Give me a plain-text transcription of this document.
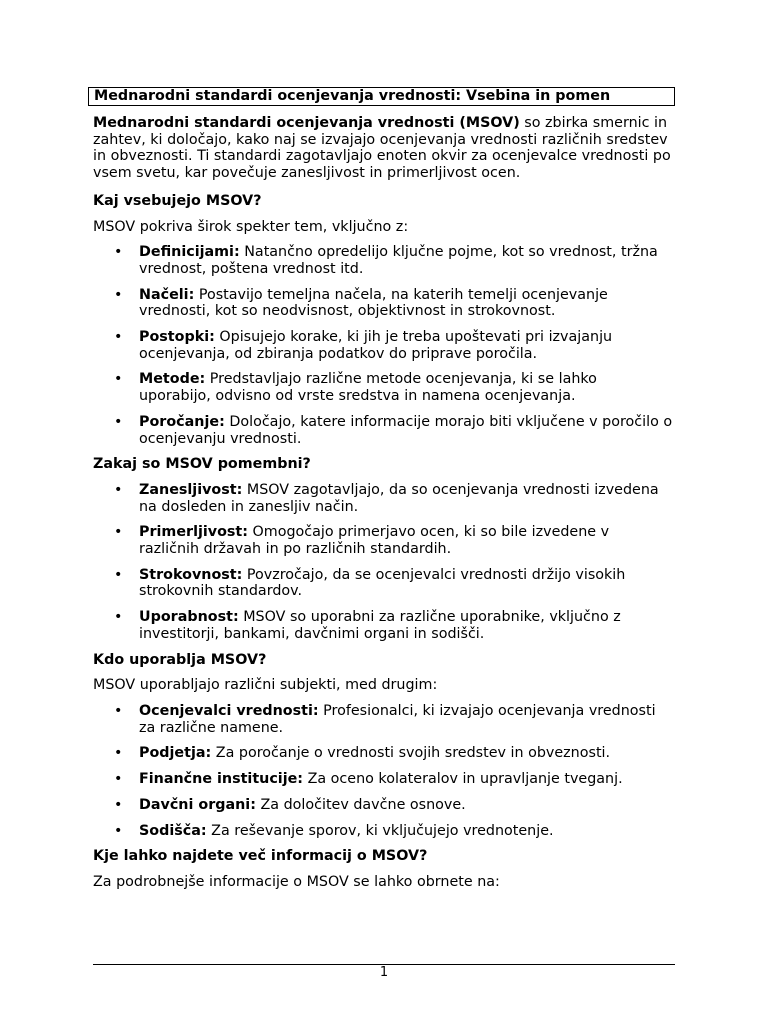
Mednarodni standardi ocenjevanja vrednosti: Vsebina in pomen

Mednarodni standardi ocenjevanja vrednosti (MSOV) so zbirka smernic in zahtev, ki določajo, kako naj se izvajajo ocenjevanja vrednosti različnih sredstev in obveznosti. Ti standardi zagotavljajo enoten okvir za ocenjevalce vrednosti po vsem svetu, kar povečuje zanesljivost in primerljivost ocen.

Kaj vsebujejo MSOV?

MSOV pokriva širok spekter tem, vključno z:

• Definicijami: Natančno opredelijo ključne pojme, kot so vrednost, tržna vrednost, poštena vrednost itd.
• Načeli: Postavijo temeljna načela, na katerih temelji ocenjevanje vrednosti, kot so neodvisnost, objektivnost in strokovnost.
• Postopki: Opisujejo korake, ki jih je treba upoštevati pri izvajanju ocenjevanja, od zbiranja podatkov do priprave poročila.
• Metode: Predstavljajo različne metode ocenjevanja, ki se lahko uporabijo, odvisno od vrste sredstva in namena ocenjevanja.
• Poročanje: Določajo, katere informacije morajo biti vključene v poročilo o ocenjevanju vrednosti.

Zakaj so MSOV pomembni?

• Zanesljivost: MSOV zagotavljajo, da so ocenjevanja vrednosti izvedena na dosleden in zanesljiv način.
• Primerljivost: Omogočajo primerjavo ocen, ki so bile izvedene v različnih državah in po različnih standardih.
• Strokovnost: Povzročajo, da se ocenjevalci vrednosti držijo visokih strokovnih standardov.
• Uporabnost: MSOV so uporabni za različne uporabnike, vključno z investitorji, bankami, davčnimi organi in sodišči.

Kdo uporablja MSOV?

MSOV uporabljajo različni subjekti, med drugim:

• Ocenjevalci vrednosti: Profesionalci, ki izvajajo ocenjevanja vrednosti za različne namene.
• Podjetja: Za poročanje o vrednosti svojih sredstev in obveznosti.
• Finančne institucije: Za oceno kolateralov in upravljanje tveganj.
• Davčni organi: Za določitev davčne osnove.
• Sodišča: Za reševanje sporov, ki vključujejo vrednotenje.

Kje lahko najdete več informacij o MSOV?

Za podrobnejše informacije o MSOV se lahko obrnete na:

1
